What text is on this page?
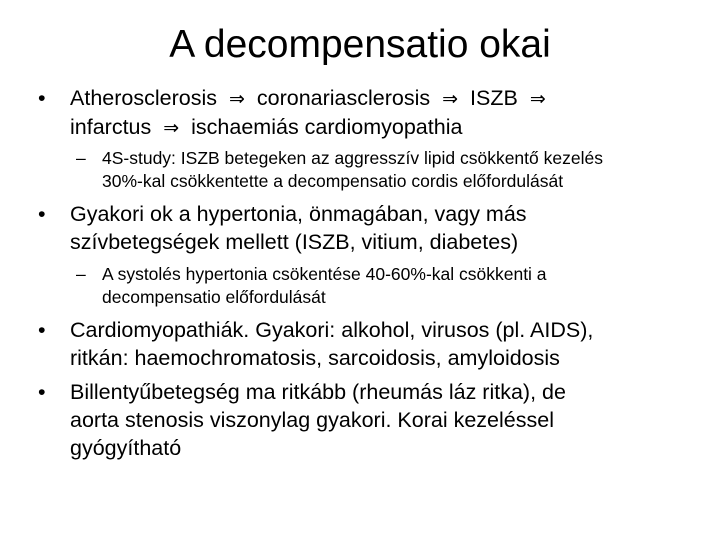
A decompensatio okai
•	Atherosclerosis ⇒ coronariasclerosis ⇒ ISZB ⇒
infarctus ⇒ ischaemiás cardiomyopathia
– 4S-study: ISZB betegeken az aggresszív lipid csökkentő kezelés
30%-kal csökkentette a decompensatio cordis előfordulását
•	Gyakori ok a hypertonia, önmagában, vagy más
szívbetegségek mellett (ISZB, vitium, diabetes)
– A systolés hypertonia csökentése 40-60%-kal csökkenti a
decompensatio előfordulását
•	Cardiomyopathiák. Gyakori: alkohol, virusos (pl. AIDS),
ritkán: haemochromatosis, sarcoidosis, amyloidosis
•	Billentyűbetegség ma ritkább (rheumás láz ritka), de
aorta stenosis viszonylag gyakori. Korai kezeléssel
gyógyítható
